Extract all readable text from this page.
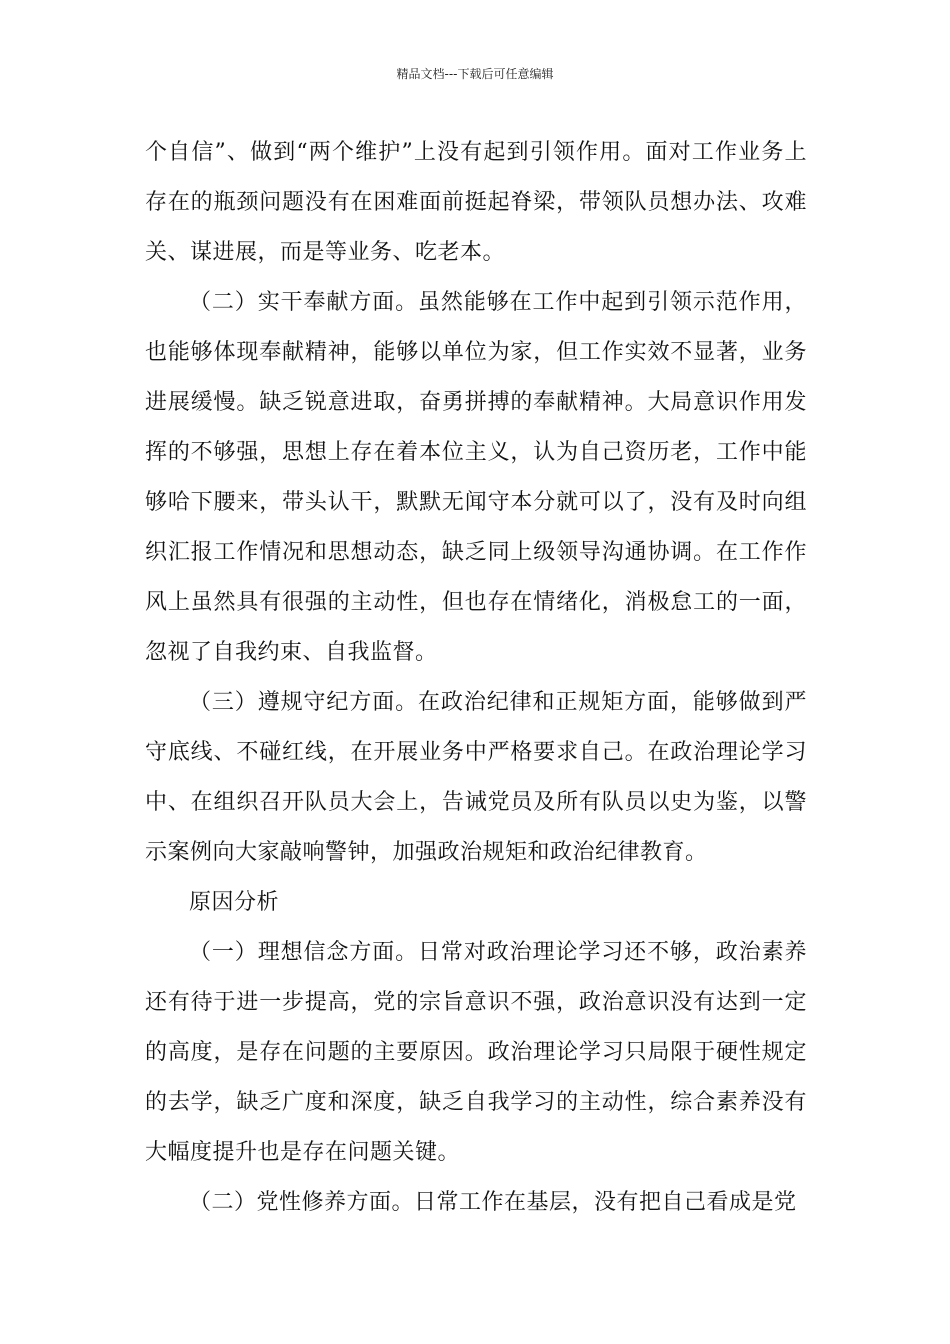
精品文档---下载后可任意编辑

个自信”、做到“两个维护”上没有起到引领作用。面对工作业务上存在的瓶颈问题没有在困难面前挺起脊梁，带领队员想办法、攻难关、谋进展，而是等业务、吃老本。

（二）实干奉献方面。虽然能够在工作中起到引领示范作用，也能够体现奉献精神，能够以单位为家，但工作实效不显著，业务进展缓慢。缺乏锐意进取，奋勇拼搏的奉献精神。大局意识作用发挥的不够强，思想上存在着本位主义，认为自己资历老，工作中能够哈下腰来，带头认干，默默无闻守本分就可以了，没有及时向组织汇报工作情况和思想动态，缺乏同上级领导沟通协调。在工作作风上虽然具有很强的主动性，但也存在情绪化，消极怠工的一面，忽视了自我约束、自我监督。

（三）遵规守纪方面。在政治纪律和正规矩方面，能够做到严守底线、不碰红线，在开展业务中严格要求自己。在政治理论学习中、在组织召开队员大会上，告诫党员及所有队员以史为鉴，以警示案例向大家敲响警钟，加强政治规矩和政治纪律教育。

原因分析

（一）理想信念方面。日常对政治理论学习还不够，政治素养还有待于进一步提高，党的宗旨意识不强，政治意识没有达到一定的高度，是存在问题的主要原因。政治理论学习只局限于硬性规定的去学，缺乏广度和深度，缺乏自我学习的主动性，综合素养没有大幅度提升也是存在问题关键。

（二）党性修养方面。日常工作在基层，没有把自己看成是党
